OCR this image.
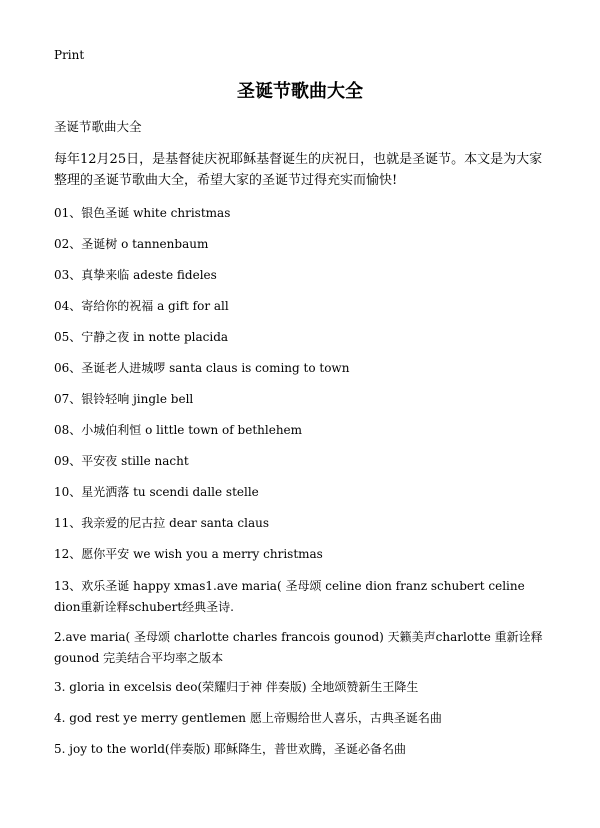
Print
圣诞节歌曲大全

圣诞节歌曲大全

每年12月25日，是基督徒庆祝耶稣基督诞生的庆祝日，也就是圣诞节。本文是为大家整理的圣诞节歌曲大全，希望大家的圣诞节过得充实而愉快!

01、银色圣诞 white christmas
02、圣诞树 o tannenbaum
03、真挚来临 adeste fideles
04、寄给你的祝福 a gift for all
05、宁静之夜 in notte placida
06、圣诞老人进城啰 santa claus is coming to town
07、银铃轻响 jingle bell
08、小城伯利恒 o little town of bethlehem
09、平安夜 stille nacht
10、星光洒落 tu scendi dalle stelle
11、我亲爱的尼古拉 dear santa claus
12、愿你平安 we wish you a merry christmas
13、欢乐圣诞 happy xmas1.ave maria( 圣母颂 celine dion franz schubert celine dion重新诠释schubert经典圣诗.
2.ave maria( 圣母颂 charlotte charles francois gounod) 天籁美声charlotte 重新诠释gounod 完美结合平均率之版本
3. gloria in excelsis deo(荣耀归于神 伴奏版) 全地颂赞新生王降生
4. god rest ye merry gentlemen 愿上帝赐给世人喜乐，古典圣诞名曲
5. joy to the world(伴奏版) 耶稣降生，普世欢腾，圣诞必备名曲
